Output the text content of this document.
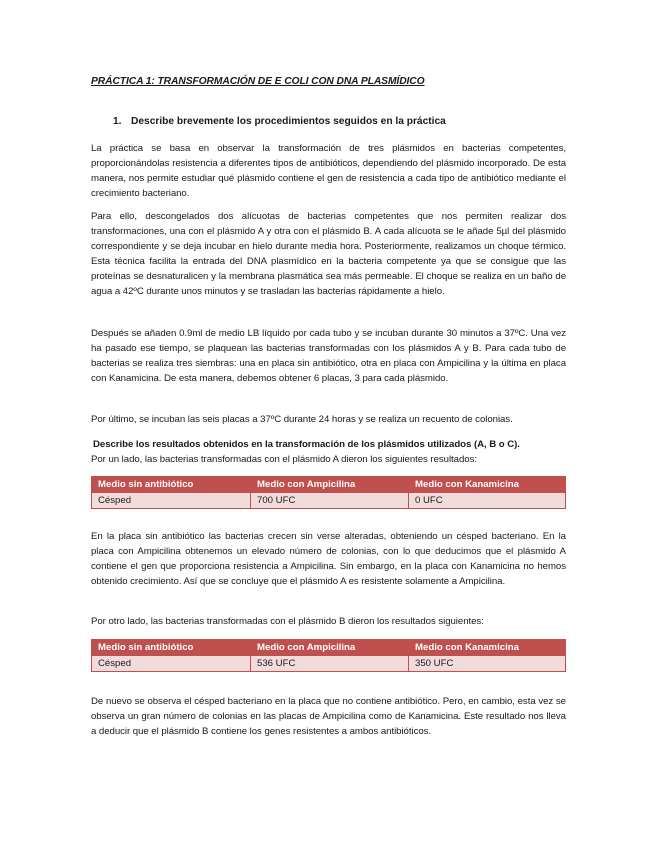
PRÁCTICA 1: TRANSFORMACIÓN DE E COLI CON DNA PLASMÍDICO
1. Describe brevemente los procedimientos seguidos en la práctica
La práctica se basa en observar la transformación de tres plásmidos en bacterias competentes, proporcionándolas resistencia a diferentes tipos de antibióticos, dependiendo del plásmido incorporado. De esta manera, nos permite estudiar qué plásmido contiene el gen de resistencia a cada tipo de antibiótico mediante el crecimiento bacteriano.
Para ello, descongelados dos alícuotas de bacterias competentes que nos permiten realizar dos transformaciones, una con el plásmido A y otra con el plásmido B. A cada alícuota se le añade 5µl del plásmido correspondiente y se deja incubar en hielo durante media hora. Posteriormente, realizamos un choque térmico. Esta técnica facilita la entrada del DNA plasmídico en la bacteria competente ya que se consigue que las proteínas se desnaturalicen y la membrana plasmática sea más permeable. El choque se realiza en un baño de agua a 42ºC durante unos minutos y se trasladan las bacterias rápidamente a hielo.
Después se añaden 0.9ml de medio LB líquido por cada tubo y se incuban durante 30 minutos a 37ºC. Una vez ha pasado ese tiempo, se plaquean las bacterias transformadas con los plásmidos A y B. Para cada tubo de bacterias se realiza tres siembras: una en placa sin antibiótico, otra en placa con Ampicilina y la última en placa con Kanamicina. De esta manera, debemos obtener 6 placas, 3 para cada plásmido.
Por último, se incuban las seis placas a 37ºC durante 24 horas y se realiza un recuento de colonias.
Describe los resultados obtenidos en la transformación de los plásmidos utilizados (A, B o C).
Por un lado, las bacterias transformadas con el plásmido A dieron los siguientes resultados:
Medio sin antibiótico	Medio con Ampicilina	Medio con Kanamicina
Césped	700 UFC	0 UFC
En la placa sin antibiótico las bacterias crecen sin verse alteradas, obteniendo un césped bacteriano. En la placa con Ampicilina obtenemos un elevado número de colonias, con lo que deducimos que el plásmido A contiene el gen que proporciona resistencia a Ampicilina. Sin embargo, en la placa con Kanamicina no hemos obtenido crecimiento. Así que se concluye que el plásmido A es resistente solamente a Ampicilina.
Por otro lado, las bacterias transformadas con el plásmido B dieron los resultados siguientes:
Medio sin antibiótico	Medio con Ampicilina	Medio con Kanamicina
Césped	536 UFC	350 UFC
De nuevo se observa el césped bacteriano en la placa que no contiene antibiótico. Pero, en cambio, esta vez se observa un gran número de colonias en las placas de Ampicilina como de Kanamicina. Este resultado nos lleva a deducir que el plásmido B contiene los genes resistentes a ambos antibióticos.
